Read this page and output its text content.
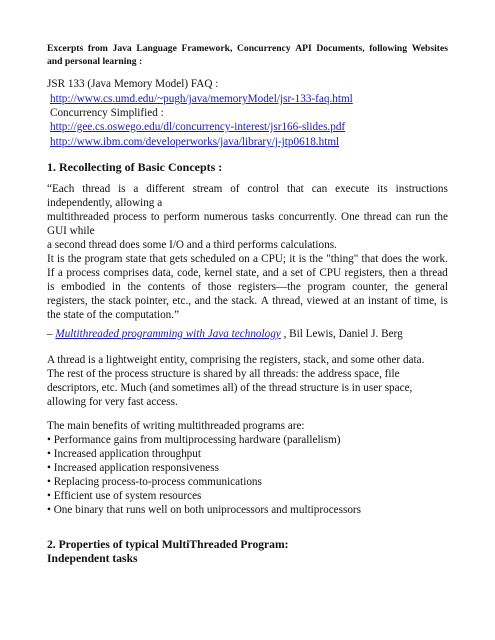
Excerpts from Java Language Framework, Concurrency API Documents, following Websites
and personal learning :
JSR 133 (Java Memory Model) FAQ :
http://www.cs.umd.edu/~pugh/java/memoryModel/jsr-133-faq.html
Concurrency Simplified :
http://gee.cs.oswego.edu/dl/concurrency-interest/jsr166-slides.pdf
http://www.ibm.com/developerworks/java/library/j-jtp0618.html
1. Recollecting of Basic Concepts :
“Each thread is a different stream of control that can execute its instructions
independently, allowing a
multithreaded process to perform numerous tasks concurrently. One thread can run the
GUI while
a second thread does some I/O and a third performs calculations.
It is the program state that gets scheduled on a CPU; it is the "thing" that does the work.
If a process comprises data, code, kernel state, and a set of CPU registers, then a thread
is embodied in the contents of those registers—the program counter, the general
registers, the stack pointer, etc., and the stack. A thread, viewed at an instant of time, is
the state of the computation.”
– Multithreaded programming with Java technology , Bil Lewis, Daniel J. Berg
A thread is a lightweight entity, comprising the registers, stack, and some other data.
The rest of the process structure is shared by all threads: the address space, file
descriptors, etc. Much (and sometimes all) of the thread structure is in user space,
allowing for very fast access.
The main benefits of writing multithreaded programs are:
• Performance gains from multiprocessing hardware (parallelism)
• Increased application throughput
• Increased application responsiveness
• Replacing process-to-process communications
• Efficient use of system resources
• One binary that runs well on both uniprocessors and multiprocessors
2. Properties of typical MultiThreaded Program:
Independent tasks
